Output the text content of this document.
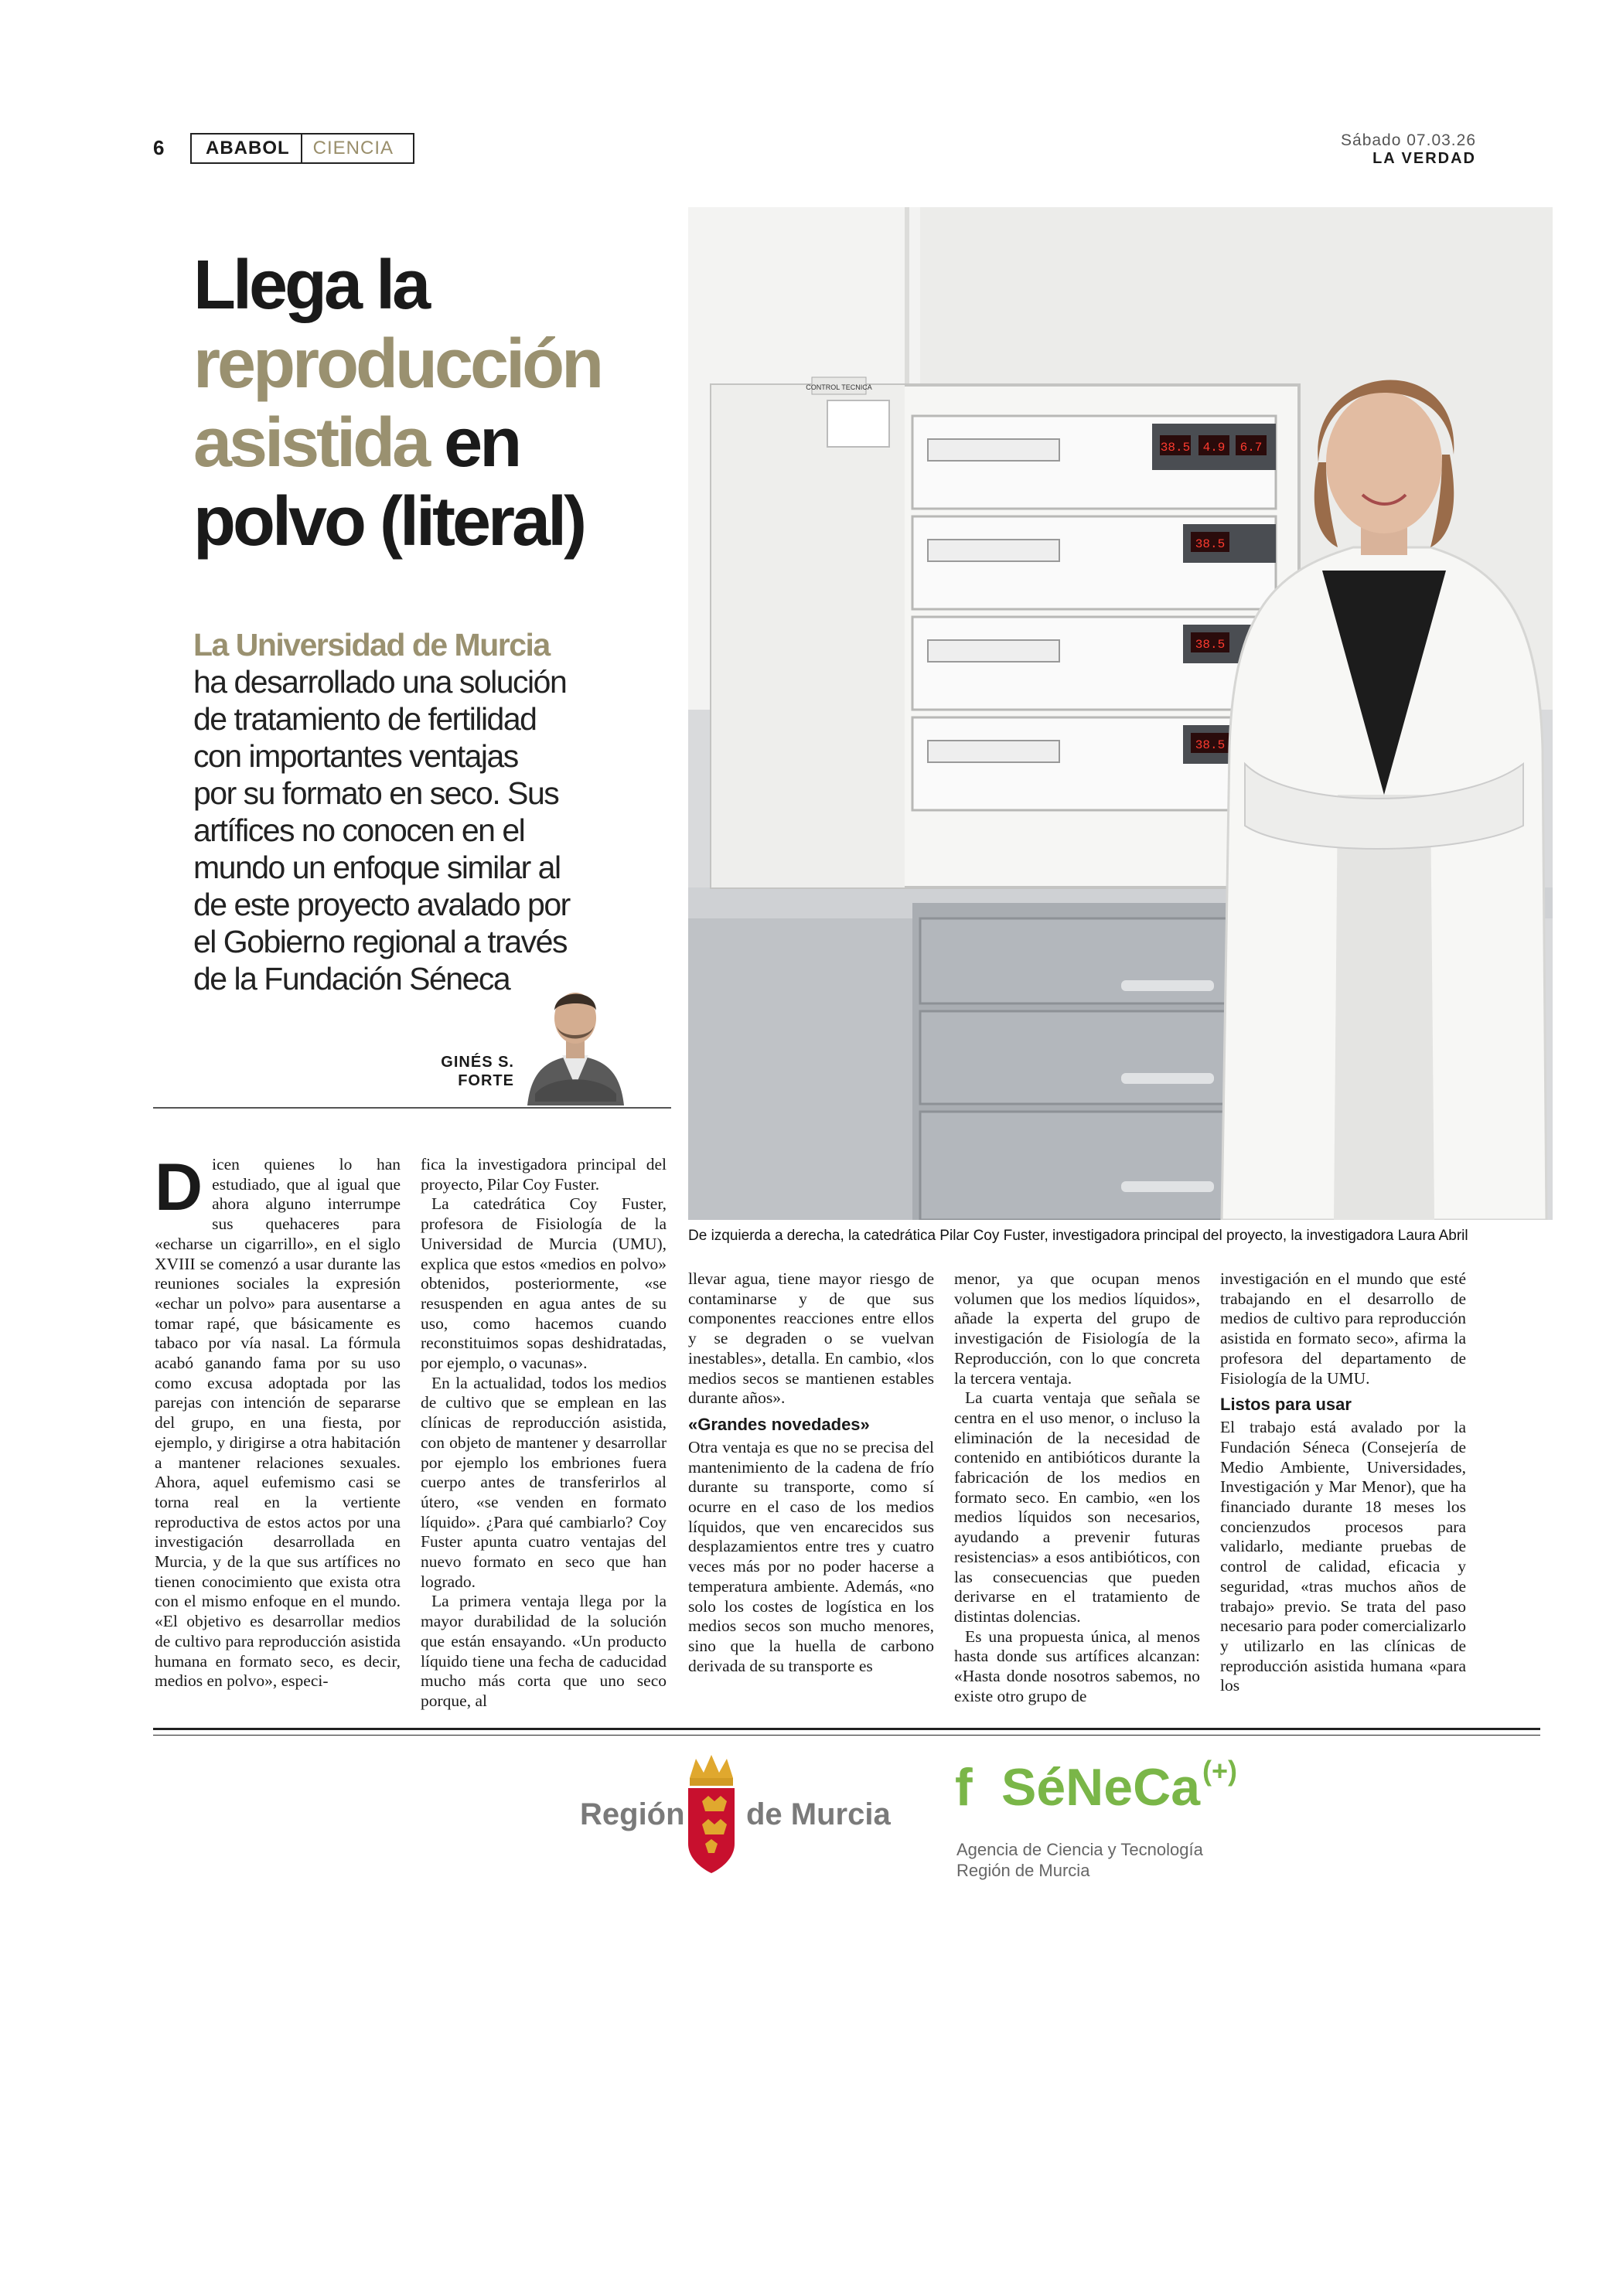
6	ABABOL	CIENCIA	Sábado 07.03.26
LA VERDAD
Llega la
reproducción
asistida en
polvo (literal)
La Universidad de Murcia
ha desarrollado una solución
de tratamiento de fertilidad
con importantes ventajas
por su formato en seco. Sus
artífices no conocen en el
mundo un enfoque similar al
de este proyecto avalado por
el Gobierno regional a través
de la Fundación Séneca
GINÉS S.
FORTE
CONTROL TECNICA
38.5 4.9 6.7
38.5
38.5
38.5
De izquierda a derecha, la catedrática Pilar Coy Fuster, investigadora principal del proyecto, la investigadora Laura Abril

Dicen quienes lo han estudiado, que al igual que ahora alguno interrumpe sus quehaceres para «echarse un cigarrillo», en el siglo XVIII se comenzó a usar durante las reuniones sociales la expresión «echar un polvo» para ausentarse a tomar rapé, que básicamente es tabaco por vía nasal. La fórmula acabó ganando fama por su uso como excusa adoptada por las parejas con intención de separarse del grupo, en una fiesta, por ejemplo, y dirigirse a otra habitación a mantener relaciones sexuales. Ahora, aquel eufemismo casi se torna real en la vertiente reproductiva de estos actos por una investigación desarrollada en Murcia, y de la que sus artífices no tienen conocimiento que exista otra con el mismo enfoque en el mundo. «El objetivo es desarrollar medios de cultivo para reproducción asistida humana en formato seco, es decir, medios en polvo», especi-

fica la investigadora principal del proyecto, Pilar Coy Fuster.

La catedrática Coy Fuster, profesora de Fisiología de la Universidad de Murcia (UMU), explica que estos «medios en polvo» obtenidos, posteriormente, «se resuspenden en agua antes de su uso, como hacemos cuando reconstituimos sopas deshidratadas, por ejemplo, o vacunas».

En la actualidad, todos los medios de cultivo que se emplean en las clínicas de reproducción asistida, con objeto de mantener y desarrollar por ejemplo los embriones fuera cuerpo antes de transferirlos al útero, «se venden en formato líquido». ¿Para qué cambiarlo? Coy Fuster apunta cuatro ventajas del nuevo formato en seco que han logrado.

La primera ventaja llega por la mayor durabilidad de la solución que están ensayando. «Un producto líquido tiene una fecha de caducidad mucho más corta que uno seco porque, al

llevar agua, tiene mayor riesgo de contaminarse y de que sus componentes reacciones entre ellos y se degraden o se vuelvan inestables», detalla. En cambio, «los medios secos se mantienen estables durante años».

«Grandes novedades»

Otra ventaja es que no se precisa del mantenimiento de la cadena de frío durante su transporte, como sí ocurre en el caso de los medios líquidos, que ven encarecidos sus desplazamientos entre tres y cuatro veces más por no poder hacerse a temperatura ambiente. Además, «no solo los costes de logística en los medios secos son mucho menores, sino que la huella de carbono derivada de su transporte es

menor, ya que ocupan menos volumen que los medios líquidos», añade la experta del grupo de investigación de Fisiología de la Reproducción, con lo que concreta la tercera ventaja.

La cuarta ventaja que señala se centra en el uso menor, o incluso la eliminación de la necesidad de contenido en antibióticos durante la fabricación de los medios en formato seco. En cambio, «en los medios líquidos son necesarios, ayudando a prevenir futuras resistencias» a esos antibióticos, con las consecuencias que pueden derivarse en el tratamiento de distintas dolencias.

Es una propuesta única, al menos hasta donde sus artífices alcanzan: «Hasta donde nosotros sabemos, no existe otro grupo de

investigación en el mundo que esté trabajando en el desarrollo de medios de cultivo para reproducción asistida en formato seco», afirma la profesora del departamento de Fisiología de la UMU.

Listos para usar

El trabajo está avalado por la Fundación Séneca (Consejería de Medio Ambiente, Universidades, Investigación y Mar Menor), que ha financiado durante 18 meses los concienzudos procesos para validarlo, mediante pruebas de control de calidad, eficacia y seguridad, «tras muchos años de trabajo» previo. Se trata del paso necesario para poder comercializarlo y utilizarlo en las clínicas de reproducción asistida humana «para los

Región de Murcia f SéNeCa (+)
Agencia de Ciencia y Tecnología
Región de Murcia
